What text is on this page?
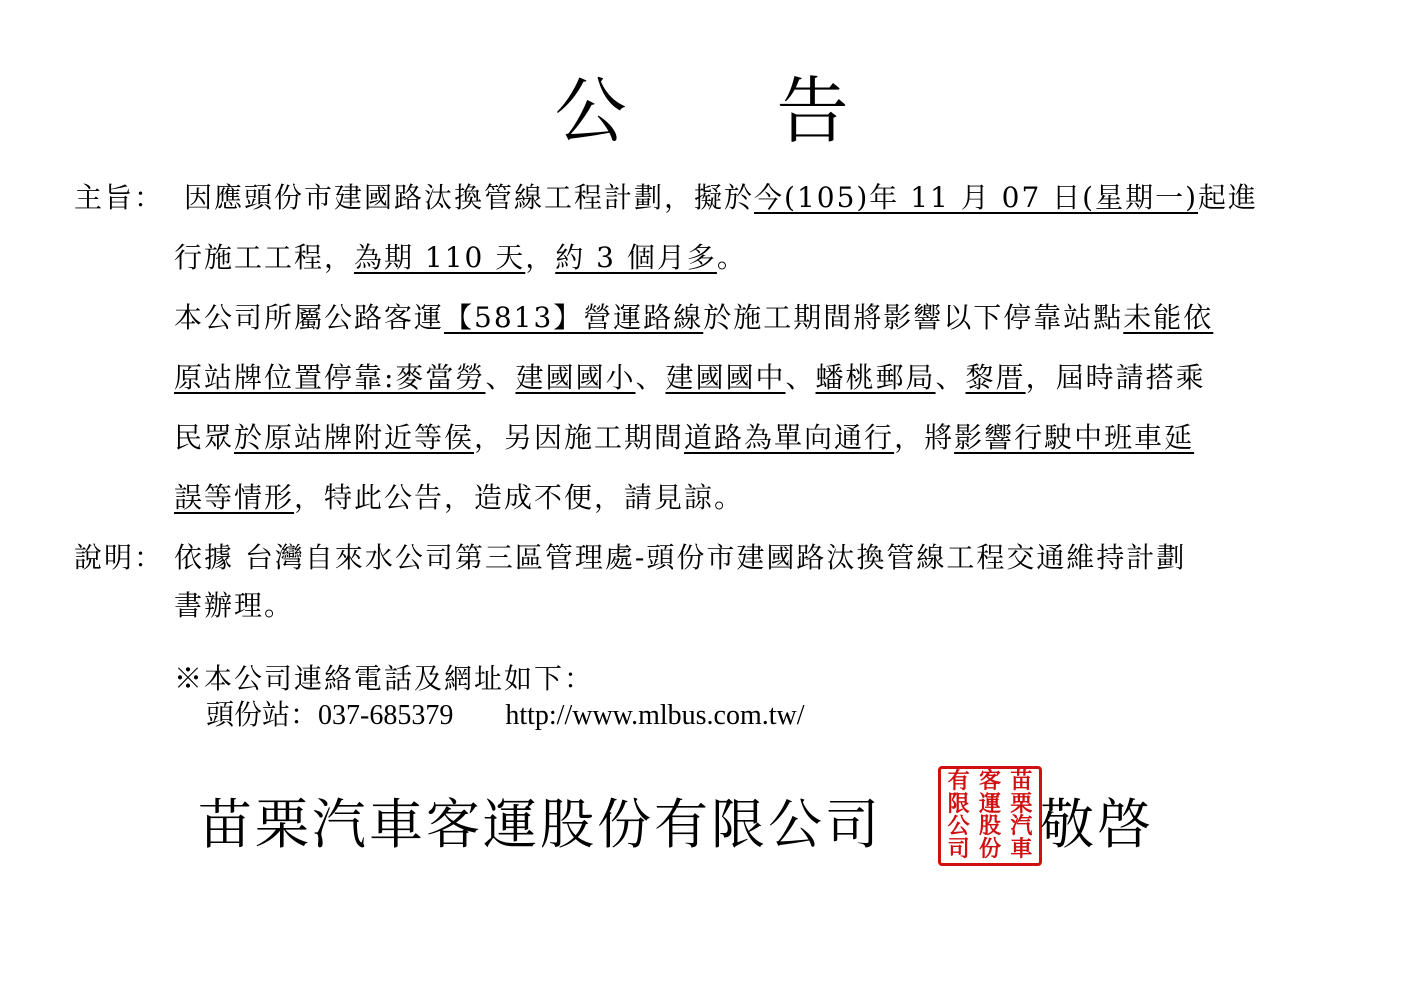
公 告
主旨： 因應頭份市建國路汰換管線工程計劃，擬於今(105)年 11 月 07 日(星期一)起進
行施工工程，為期 110 天，約 3 個月多。
本公司所屬公路客運【5813】營運路線於施工期間將影響以下停靠站點未能依
原站牌位置停靠:麥當勞、建國國小、建國國中、蟠桃郵局、黎厝，屆時請搭乘
民眾於原站牌附近等侯，另因施工期間道路為單向通行，將影響行駛中班車延
誤等情形，特此公告，造成不便，請見諒。
說明： 依據 台灣自來水公司第三區管理處-頭份市建國路汰換管線工程交通維持計劃
書辦理。
※本公司連絡電話及網址如下：
頭份站：037-685379 http://www.mlbus.com.tw/
苗栗汽車客運股份有限公司
有 客 苗
限 運 栗
公 股 汽
司 份 車 敬啓
